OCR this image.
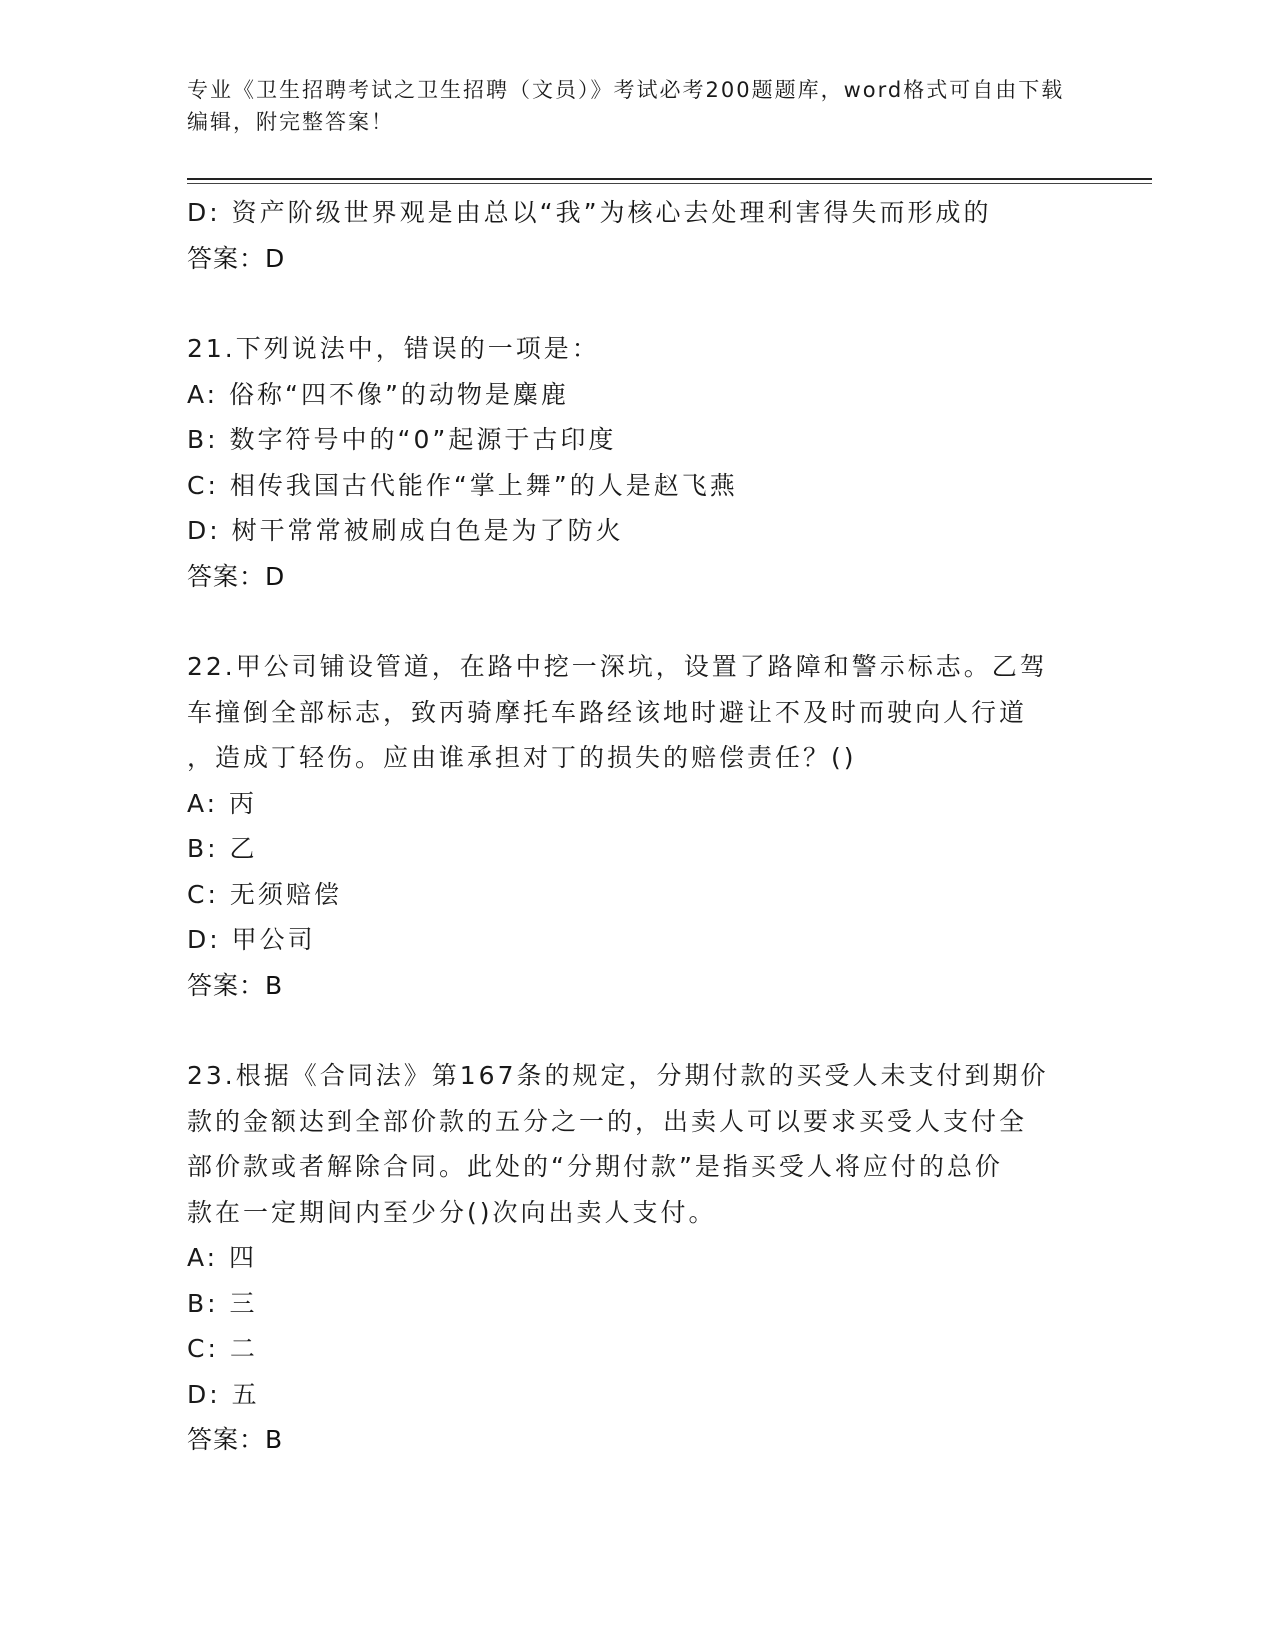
专业《卫生招聘考试之卫生招聘（文员）》考试必考200题题库，word格式可自由下载编辑，附完整答案！
D: 资产阶级世界观是由总以“我”为核心去处理利害得失而形成的
答案：D
21.下列说法中，错误的一项是：
A: 俗称“四不像”的动物是麋鹿
B: 数字符号中的“0”起源于古印度
C: 相传我国古代能作“掌上舞”的人是赵飞燕
D: 树干常常被刷成白色是为了防火
答案：D
22.甲公司铺设管道，在路中挖一深坑，设置了路障和警示标志。乙驾
车撞倒全部标志，致丙骑摩托车路经该地时避让不及时而驶向人行道
，造成丁轻伤。应由谁承担对丁的损失的赔偿责任？()
A: 丙
B: 乙
C: 无须赔偿
D: 甲公司
答案：B
23.根据《合同法》第167条的规定，分期付款的买受人未支付到期价
款的金额达到全部价款的五分之一的，出卖人可以要求买受人支付全
部价款或者解除合同。此处的“分期付款”是指买受人将应付的总价
款在一定期间内至少分()次向出卖人支付。
A: 四
B: 三
C: 二
D: 五
答案：B
